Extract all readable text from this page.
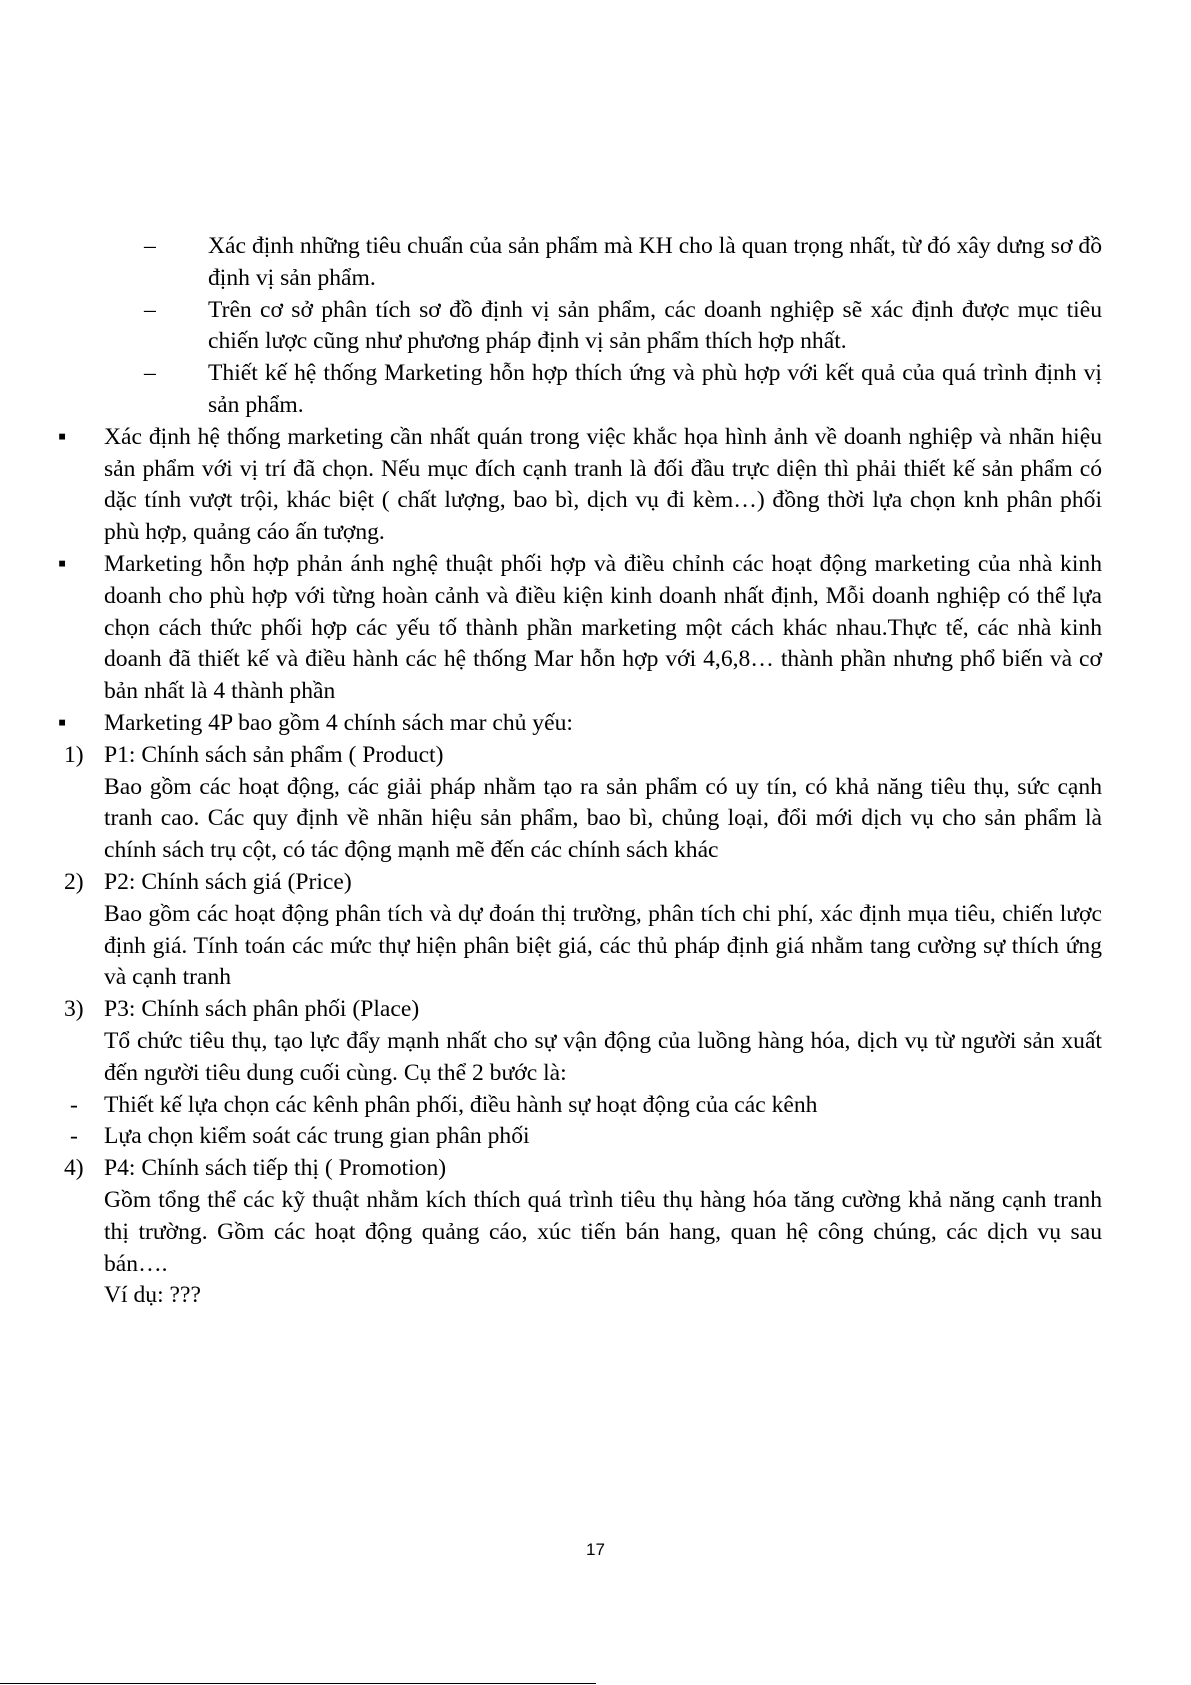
– Xác định những tiêu chuẩn của sản phẩm mà KH cho là quan trọng nhất, từ đó xây dưng sơ đồ định vị sản phẩm.
– Trên cơ sở phân tích sơ đồ định vị sản phẩm, các doanh nghiệp sẽ xác định được mục tiêu chiến lược cũng như phương pháp định vị sản phẩm thích hợp nhất.
– Thiết kế hệ thống Marketing hỗn hợp thích ứng và phù hợp với kết quả của quá trình định vị sản phẩm.
▪ Xác định hệ thống marketing cần nhất quán trong việc khắc họa hình ảnh về doanh nghiệp và nhãn hiệu sản phẩm với vị trí đã chọn. Nếu mục đích cạnh tranh là đối đầu trực diện thì phải thiết kế sản phẩm có dặc tính vượt trội, khác biệt ( chất lượng, bao bì, dịch vụ đi kèm…) đồng thời lựa chọn knh phân phối phù hợp, quảng cáo ấn tượng.
▪ Marketing hỗn hợp phản ánh nghệ thuật phối hợp và điều chỉnh các hoạt động marketing của nhà kinh doanh cho phù hợp với từng hoàn cảnh và điều kiện kinh doanh nhất định, Mỗi doanh nghiệp có thể lựa chọn cách thức phối hợp các yếu tố thành phần marketing một cách khác nhau.Thực tế, các nhà kinh doanh đã thiết kế và điều hành các hệ thống Mar hỗn hợp với 4,6,8… thành phần nhưng phổ biến và cơ bản nhất là 4 thành phần
▪ Marketing 4P bao gồm 4 chính sách mar chủ yếu:
1) P1: Chính sách sản phẩm ( Product)
Bao gồm các hoạt động, các giải pháp nhằm tạo ra sản phẩm có uy tín, có khả năng tiêu thụ, sức cạnh tranh cao. Các quy định về nhãn hiệu sản phẩm, bao bì, chủng loại, đổi mới dịch vụ cho sản phẩm là chính sách trụ cột, có tác động mạnh mẽ đến các chính sách khác
2) P2: Chính sách giá (Price)
Bao gồm các hoạt động phân tích và dự đoán thị trường, phân tích chi phí, xác định mụa tiêu, chiến lược định giá. Tính toán các mức thự hiện phân biệt giá, các thủ pháp định giá nhằm tang cường sự thích ứng và cạnh tranh
3) P3: Chính sách phân phối (Place)
Tổ chức tiêu thụ, tạo lực đẩy mạnh nhất cho sự vận động của luồng hàng hóa, dịch vụ từ người sản xuất đến người tiêu dung cuối cùng. Cụ thể 2 bước là:
- Thiết kế lựa chọn các kênh phân phối, điều hành sự hoạt động của các kênh
- Lựa chọn kiểm soát các trung gian phân phối
4) P4: Chính sách tiếp thị ( Promotion)
Gồm tổng thể các kỹ thuật nhằm kích thích quá trình tiêu thụ hàng hóa tăng cường khả năng cạnh tranh thị trường. Gồm các hoạt động quảng cáo, xúc tiến bán hang, quan hệ công chúng, các dịch vụ sau bán….
Ví dụ: ???
17
